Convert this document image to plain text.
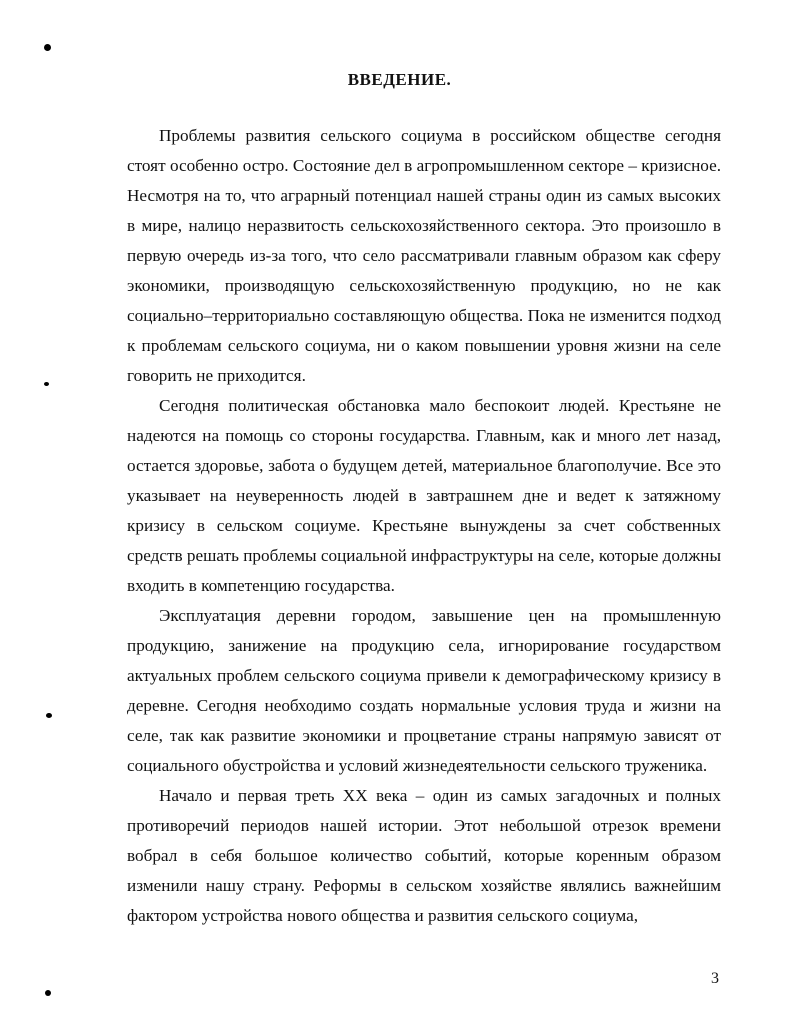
ВВЕДЕНИЕ.

Проблемы развития сельского социума в российском обществе сегодня стоят особенно остро. Состояние дел в агропромышленном секторе – кризисное. Несмотря на то, что аграрный потенциал нашей страны один из самых высоких в мире, налицо неразвитость сельскохозяйственного сектора. Это произошло в первую очередь из-за того, что село рассматривали главным образом как сферу экономики, производящую сельскохозяйственную продукцию, но не как социально–территориально составляющую общества. Пока не изменится подход к проблемам сельского социума, ни о каком повышении уровня жизни на селе говорить не приходится.

Сегодня политическая обстановка мало беспокоит людей. Крестьяне не надеются на помощь со стороны государства. Главным, как и много лет назад, остается здоровье, забота о будущем детей, материальное благополучие. Все это указывает на неуверенность людей в завтрашнем дне и ведет к затяжному кризису в сельском социуме. Крестьяне вынуждены за счет собственных средств решать проблемы социальной инфраструктуры на селе, которые должны входить в компетенцию государства.

Эксплуатация деревни городом, завышение цен на промышленную продукцию, занижение на продукцию села, игнорирование государством актуальных проблем сельского социума привели к демографическому кризису в деревне. Сегодня необходимо создать нормальные условия труда и жизни на селе, так как развитие экономики и процветание страны напрямую зависят от социального обустройства и условий жизнедеятельности сельского труженика.

Начало и первая треть XX века – один из самых загадочных и полных противоречий периодов нашей истории. Этот небольшой отрезок времени вобрал в себя большое количество событий, которые коренным образом изменили нашу страну. Реформы в сельском хозяйстве являлись важнейшим фактором устройства нового общества и развития сельского социума,

3
